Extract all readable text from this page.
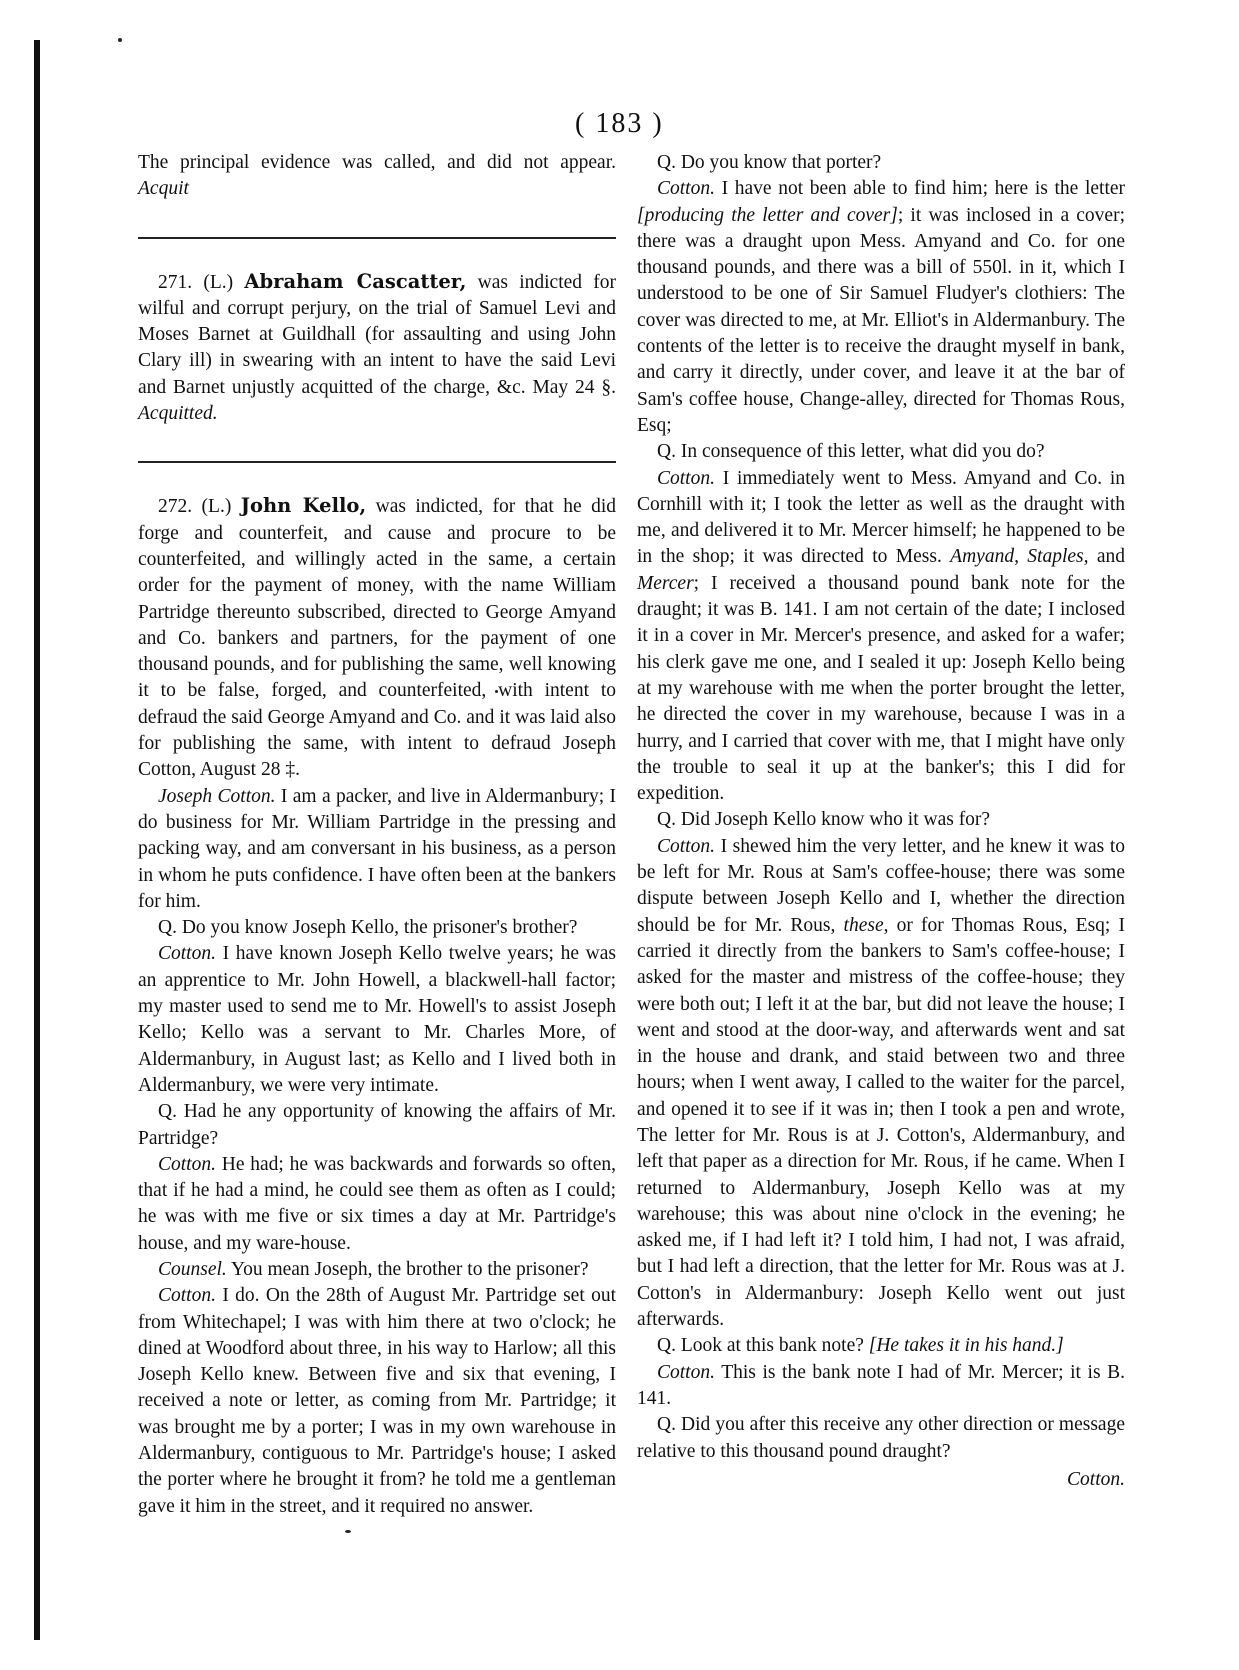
( 183 )

The principal evidence was called, and did not appear. Acquit

271. (L.) Abraham Cascatter, was indicted for wilful and corrupt perjury, on the trial of Samuel Levi and Moses Barnet at Guildhall (for assaulting and using John Clary ill) in swearing with an intent to have the said Levi and Barnet unjustly acquitted of the charge, &c. May 24 §. Acquitted.

272. (L.) John Kello, was indicted, for that he did forge and counterfeit, and cause and procure to be counterfeited, and willingly acted in the same, a certain order for the payment of money, with the name William Partridge thereunto subscribed, directed to George Amyand and Co. bankers and partners, for the payment of one thousand pounds, and for publishing the same, well knowing it to be false, forged, and counterfeited, with intent to defraud the said George Amyand and Co. and it was laid also for publishing the same, with intent to defraud Joseph Cotton, August 28 ‡.

Joseph Cotton. I am a packer, and live in Aldermanbury; I do business for Mr. William Partridge in the pressing and packing way, and am conversant in his business, as a person in whom he puts confidence. I have often been at the bankers for him.

Q. Do you know Joseph Kello, the prisoner's brother?

Cotton. I have known Joseph Kello twelve years; he was an apprentice to Mr. John Howell, a blackwell-hall factor; my master used to send me to Mr. Howell's to assist Joseph Kello; Kello was a servant to Mr. Charles More, of Aldermanbury, in August last; as Kello and I lived both in Aldermanbury, we were very intimate.

Q. Had he any opportunity of knowing the affairs of Mr. Partridge?

Cotton. He had; he was backwards and forwards so often, that if he had a mind, he could see them as often as I could; he was with me five or six times a day at Mr. Partridge's house, and my ware-house.

Counsel. You mean Joseph, the brother to the prisoner?

Cotton. I do. On the 28th of August Mr. Partridge set out from Whitechapel; I was with him there at two o'clock; he dined at Woodford about three, in his way to Harlow; all this Joseph Kello knew. Between five and six that evening, I received a note or letter, as coming from Mr. Partridge; it was brought me by a porter; I was in my own warehouse in Aldermanbury, contiguous to Mr. Partridge's house; I asked the porter where he brought it from? he told me a gentleman gave it him in the street, and it required no answer.

Q. Do you know that porter?

Cotton. I have not been able to find him; here is the letter [producing the letter and cover]; it was inclosed in a cover; there was a draught upon Mess. Amyand and Co. for one thousand pounds, and there was a bill of 550l. in it, which I understood to be one of Sir Samuel Fludyer's clothiers: The cover was directed to me, at Mr. Elliot's in Aldermanbury. The contents of the letter is to receive the draught myself in bank, and carry it directly, under cover, and leave it at the bar of Sam's coffee house, Change-alley, directed for Thomas Rous, Esq;

Q. In consequence of this letter, what did you do?

Cotton. I immediately went to Mess. Amyand and Co. in Cornhill with it; I took the letter as well as the draught with me, and delivered it to Mr. Mercer himself; he happened to be in the shop; it was directed to Mess. Amyand, Staples, and Mercer; I received a thousand pound bank note for the draught; it was B. 141. I am not certain of the date; I inclosed it in a cover in Mr. Mercer's presence, and asked for a wafer; his clerk gave me one, and I sealed it up: Joseph Kello being at my warehouse with me when the porter brought the letter, he directed the cover in my warehouse, because I was in a hurry, and I carried that cover with me, that I might have only the trouble to seal it up at the banker's; this I did for expedition.

Q. Did Joseph Kello know who it was for?

Cotton. I shewed him the very letter, and he knew it was to be left for Mr. Rous at Sam's coffee-house; there was some dispute between Joseph Kello and I, whether the direction should be for Mr. Rous, these, or for Thomas Rous, Esq; I carried it directly from the bankers to Sam's coffee-house; I asked for the master and mistress of the coffee-house; they were both out; I left it at the bar, but did not leave the house; I went and stood at the door-way, and afterwards went and sat in the house and drank, and staid between two and three hours; when I went away, I called to the waiter for the parcel, and opened it to see if it was in; then I took a pen and wrote, The letter for Mr. Rous is at J. Cotton's, Aldermanbury, and left that paper as a direction for Mr. Rous, if he came. When I returned to Aldermanbury, Joseph Kello was at my warehouse; this was about nine o'clock in the evening; he asked me, if I had left it? I told him, I had not, I was afraid, but I had left a direction, that the letter for Mr. Rous was at J. Cotton's in Aldermanbury: Joseph Kello went out just afterwards.

Q. Look at this bank note? [He takes it in his hand.]

Cotton. This is the bank note I had of Mr. Mercer; it is B. 141.

Q. Did you after this receive any other direction or message relative to this thousand pound draught?

Cotton.
